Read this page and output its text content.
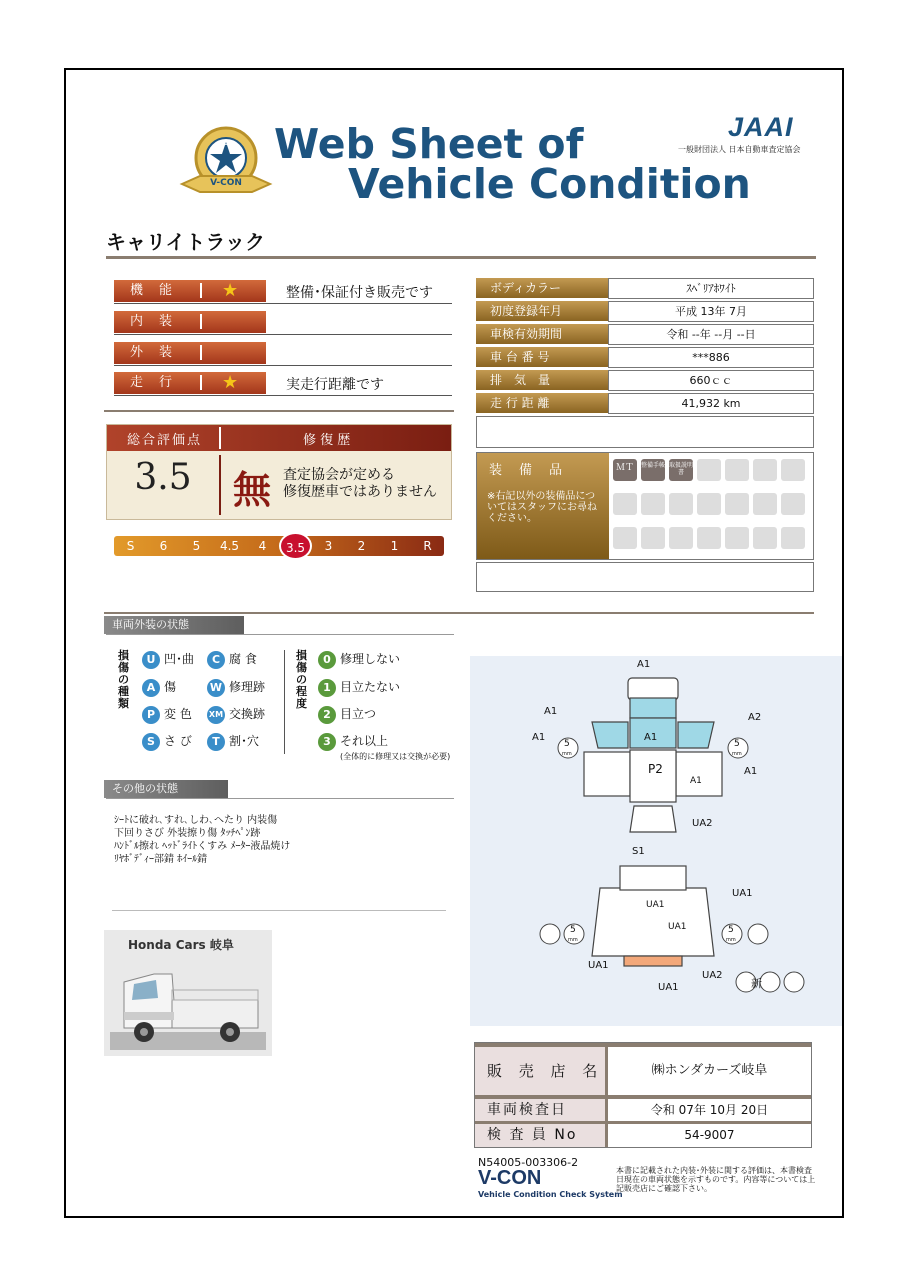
V-CON
JAAI	Web Sheet of
Vehicle Condition
JAAI
一般財団法人 日本自動車査定協会
キャリイトラック
機能	★	整備･保証付き販売です
内装
外装
走行	★	実走行距離です
総合評価点	修 復 歴
3.5	無 査定協会が定める
修復歴車ではありません
S	6	5	4.5	4	3.5	3	2	1	R
ボディカラー	ｽﾍﾞﾘｱﾎﾜｲﾄ
初度登録年月	平成 13年 7月
車検有効期間	令和 --年 --月 --日
車 台 番 号	***886
排　気　量	660ｃｃ
走 行 距 離	41,932 km
装　備　品
※右記以外の装備品についてはスタッフにお尋ねください。
ＭＴ	整備手帳 取扱説明書
車両外装の状態
損傷の種類
U 凹･曲	C 腐 食
A 傷	W 修理跡
P 変 色 XM 交換跡
S さ び	T 割･穴
損傷の程度
0 修理しない
1 目立たない
2 目立つ
3 それ以上
(全体的に修理又は交換が必要)
その他の状態
ｼｰﾄに破れ､すれ､しわ､へたり 内装傷
下回りさび 外装擦り傷 ﾀｯﾁﾍﾟﾝ跡
ﾊﾝﾄﾞﾙ擦れ ﾍｯﾄﾞﾗｲﾄくすみ ﾒｰﾀｰ液晶焼け
ﾘﾔﾎﾞﾃﾞｨｰ部錆 ﾎｲｰﾙ錆
Honda Cars 岐阜
A1
A1
A2
A1	A1
P2	A1
UA2
S1
UA1
UA1
UA1
UA1
UA2
UA1
A1
5
mm
5
mm
5
mm
5
mm
新
販 売 店 名	㈱ホンダカーズ岐阜
車両検査日	令和 07年 10月 20日
検 査 員 No	54-9007
N54005-003306-2
V-CON
Vehicle Condition Check System
本書に記載された内装･外装に関する評価は、本書検査日現在の車両状態を示すものです。内容等については上記販売店にご確認下さい。
